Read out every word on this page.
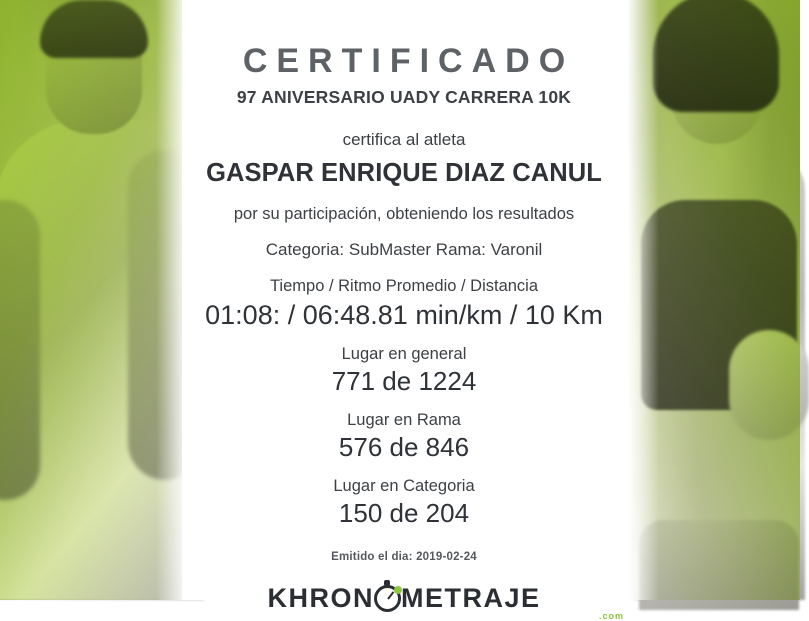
CERTIFICADO
97 ANIVERSARIO UADY CARRERA 10K
certifica al atleta
GASPAR ENRIQUE DIAZ CANUL
por su participación, obteniendo los resultados
Categoria: SubMaster Rama: Varonil
Tiempo / Ritmo Promedio / Distancia
01:08: / 06:48.81 min/km / 10 Km
Lugar en general
771 de 1224
Lugar en Rama
576 de 846
Lugar en Categoria
150 de 204
Emitido el dia: 2019-02-24
KHRON METRAJE
.com
